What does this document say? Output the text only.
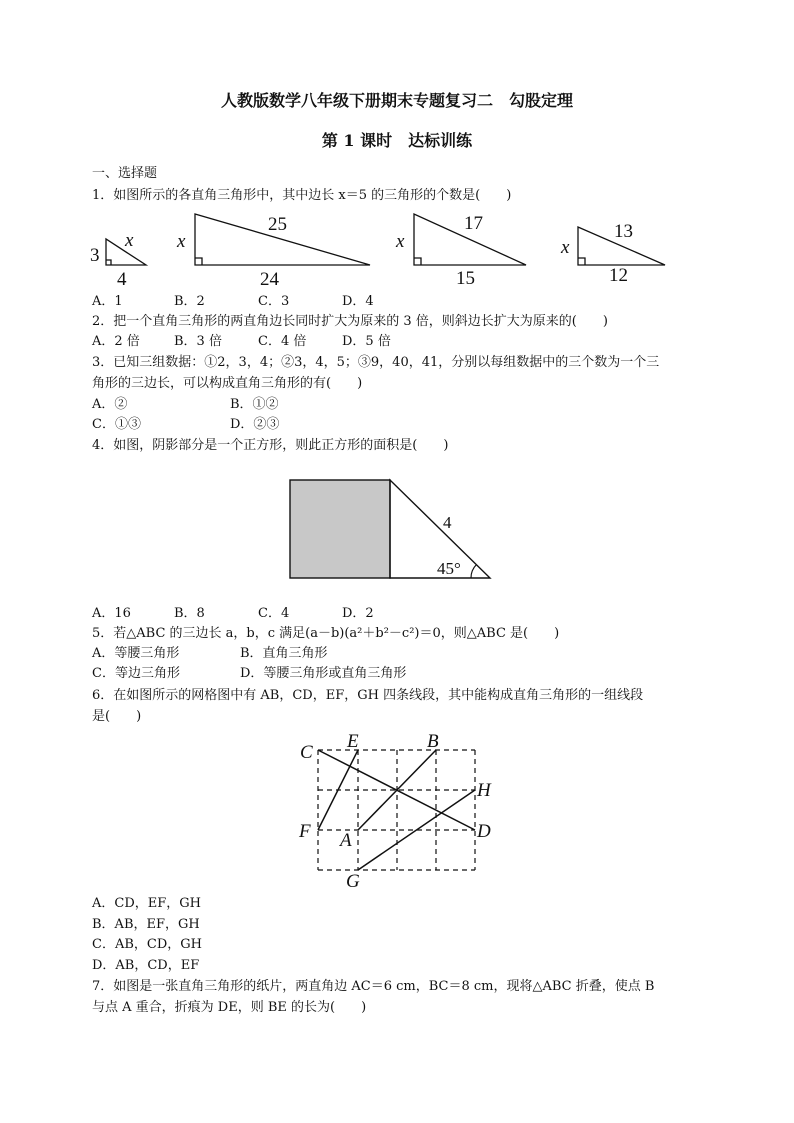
人教版数学八年级下册期末专题复习二　勾股定理
第 1 课时　达标训练
一、选择题
1．如图所示的各直角三角形中，其中边长 x＝5 的三角形的个数是(　　)
3
x
4
x
25
24
x
17
15
x
13
12
A．1	B．2	C．3	D．4
2．把一个直角三角形的两直角边长同时扩大为原来的 3 倍，则斜边长扩大为原来的(　　)
A．2 倍	B．3 倍	C．4 倍	D．5 倍
3．已知三组数据：①2，3，4；②3，4，5；③9，40，41，分别以每组数据中的三个数为一个三
角形的三边长，可以构成直角三角形的有(　　)
A．②	B．①②
C．①③	D．②③
4．如图，阴影部分是一个正方形，则此正方形的面积是(　　)
4
45°
A．16	B．8	C．4	D．2
5．若△ABC 的三边长 a，b，c 满足(a－b)(a²＋b²－c²)＝0，则△ABC 是(　　)
A．等腰三角形	B．直角三角形
C．等边三角形	D．等腰三角形或直角三角形
6．在如图所示的网格图中有 AB，CD，EF，GH 四条线段，其中能构成直角三角形的一组线段
是(　　)
C
E	B
H
F A	D
G
A．CD，EF，GH
B．AB，EF，GH
C．AB，CD，GH
D．AB，CD，EF
7．如图是一张直角三角形的纸片，两直角边 AC＝6 cm，BC＝8 cm，现将△ABC 折叠，使点 B
与点 A 重合，折痕为 DE，则 BE 的长为(　　)
